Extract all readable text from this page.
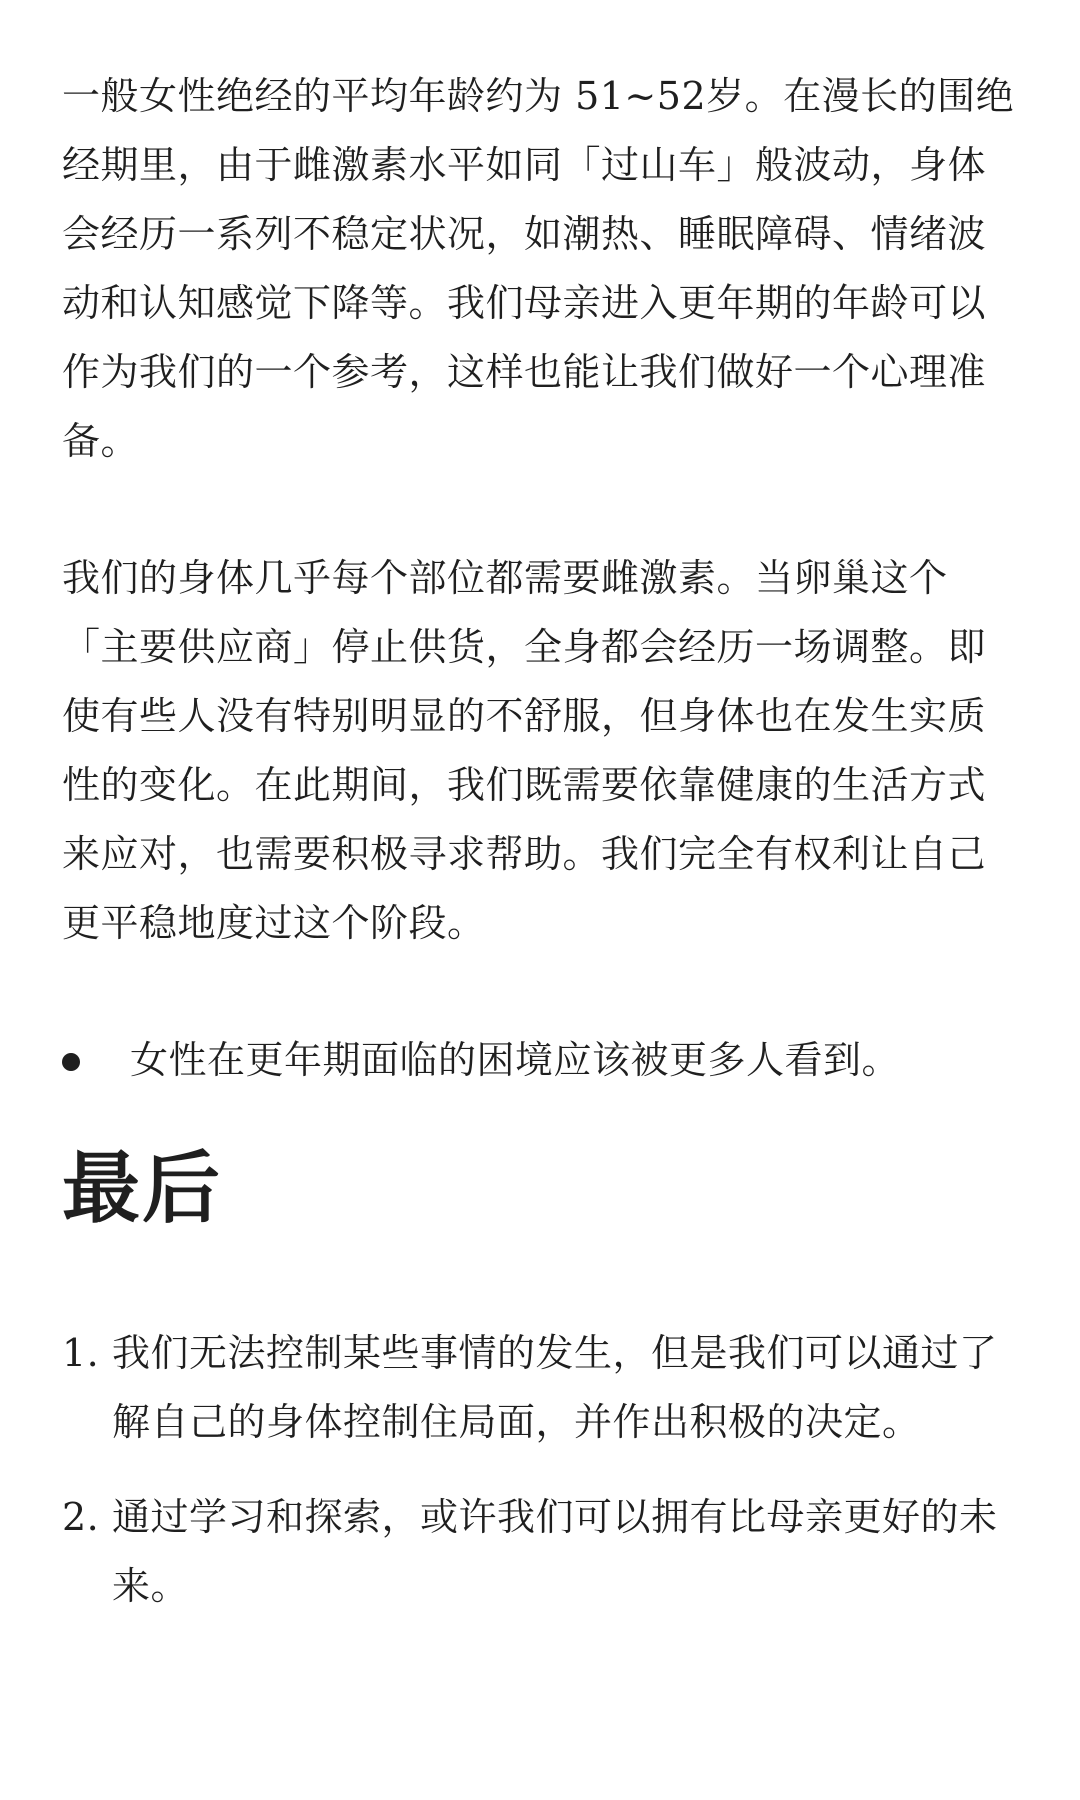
一般女性绝经的平均年龄约为 51~52岁。在漫长的围绝经期里，由于雌激素水平如同「过山车」般波动，身体会经历一系列不稳定状况，如潮热、睡眠障碍、情绪波动和认知感觉下降等。我们母亲进入更年期的年龄可以作为我们的一个参考，这样也能让我们做好一个心理准备。

我们的身体几乎每个部位都需要雌激素。当卵巢这个「主要供应商」停止供货，全身都会经历一场调整。即使有些人没有特别明显的不舒服，但身体也在发生实质性的变化。在此期间，我们既需要依靠健康的生活方式来应对，也需要积极寻求帮助。我们完全有权利让自己更平稳地度过这个阶段。

女性在更年期面临的困境应该被更多人看到。
最后
1. 我们无法控制某些事情的发生，但是我们可以通过了解自己的身体控制住局面，并作出积极的决定。
2. 通过学习和探索，或许我们可以拥有比母亲更好的未来。
